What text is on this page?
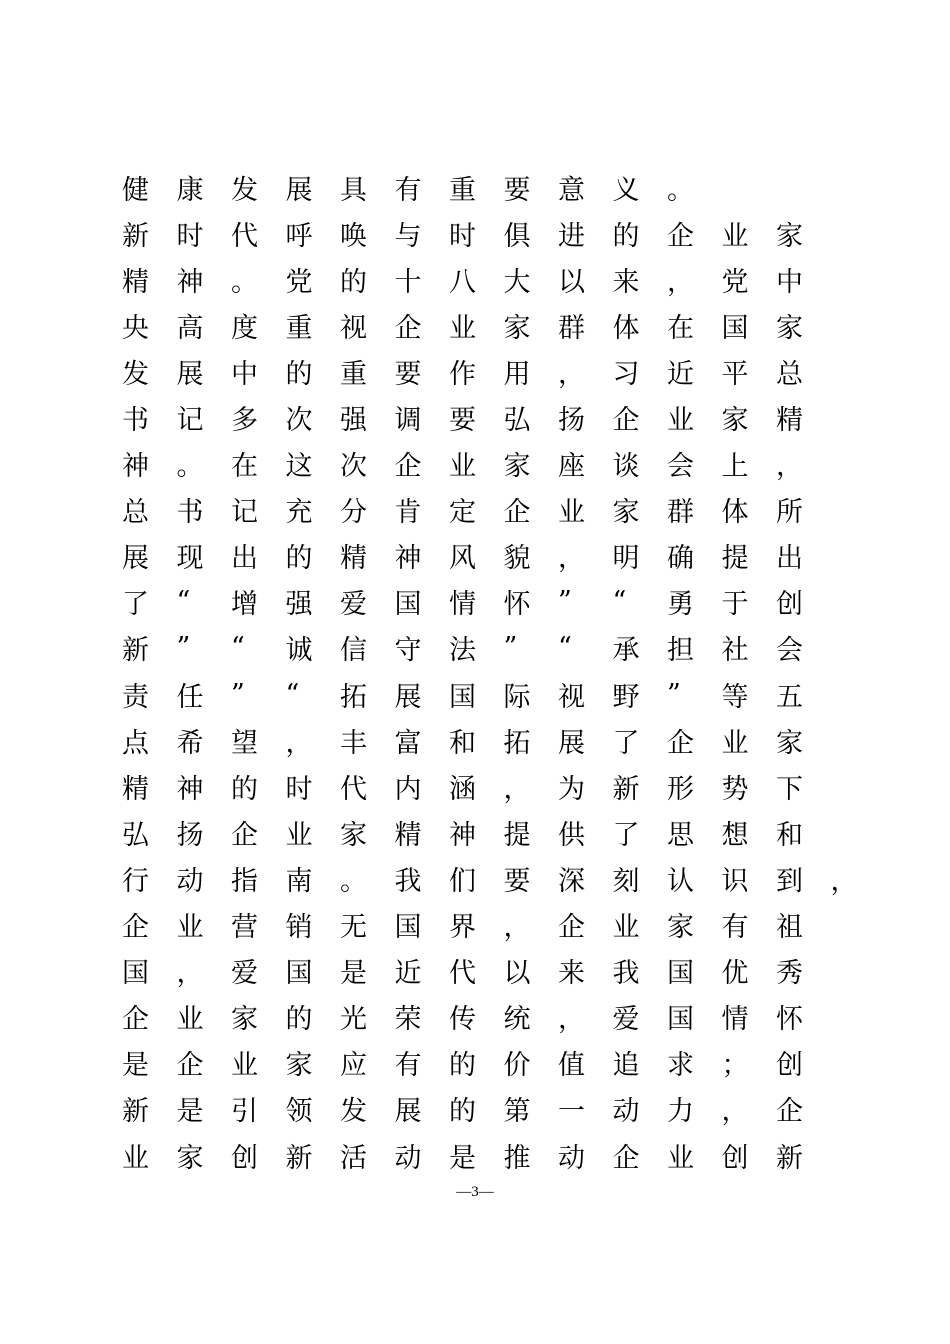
健	康	发	展	具	有	重	要	意	义	。
新	时	代	呼	唤	与	时	俱	进	的	企	业	家
精	神	。	党	的	十	八	大	以	来	，	党	中
央	高	度	重	视	企	业	家	群	体	在	国	家
发	展	中	的	重	要	作	用	，	习	近	平	总
书	记	多	次	强	调	要	弘	扬	企	业	家	精
神	。	在	这	次	企	业	家	座	谈	会	上	，
总	书	记	充	分	肯	定	企	业	家	群	体	所
展	现	出	的	精	神	风	貌	，	明	确	提	出
了	“	增	强	爱	国	情	怀	”	“	勇	于	创
新	”	“	诚	信	守	法	”	“	承	担	社	会
责	任	”	“	拓	展	国	际	视	野	”	等	五
点	希	望	，	丰	富	和	拓	展	了	企	业	家
精	神	的	时	代	内	涵	，	为	新	形	势	下
弘	扬	企	业	家	精	神	提	供	了	思	想	和
行	动	指	南	。	我	们	要	深	刻	认	识	到	，
企	业	营	销	无	国	界	，	企	业	家	有	祖
国	，	爱	国	是	近	代	以	来	我	国	优	秀
企	业	家	的	光	荣	传	统	，	爱	国	情	怀
是	企	业	家	应	有	的	价	值	追	求	；	创
新	是	引	领	发	展	的	第	一	动	力	，	企
业	家	创	新	活	动	是	推	动	企	业	创	新
—3—
